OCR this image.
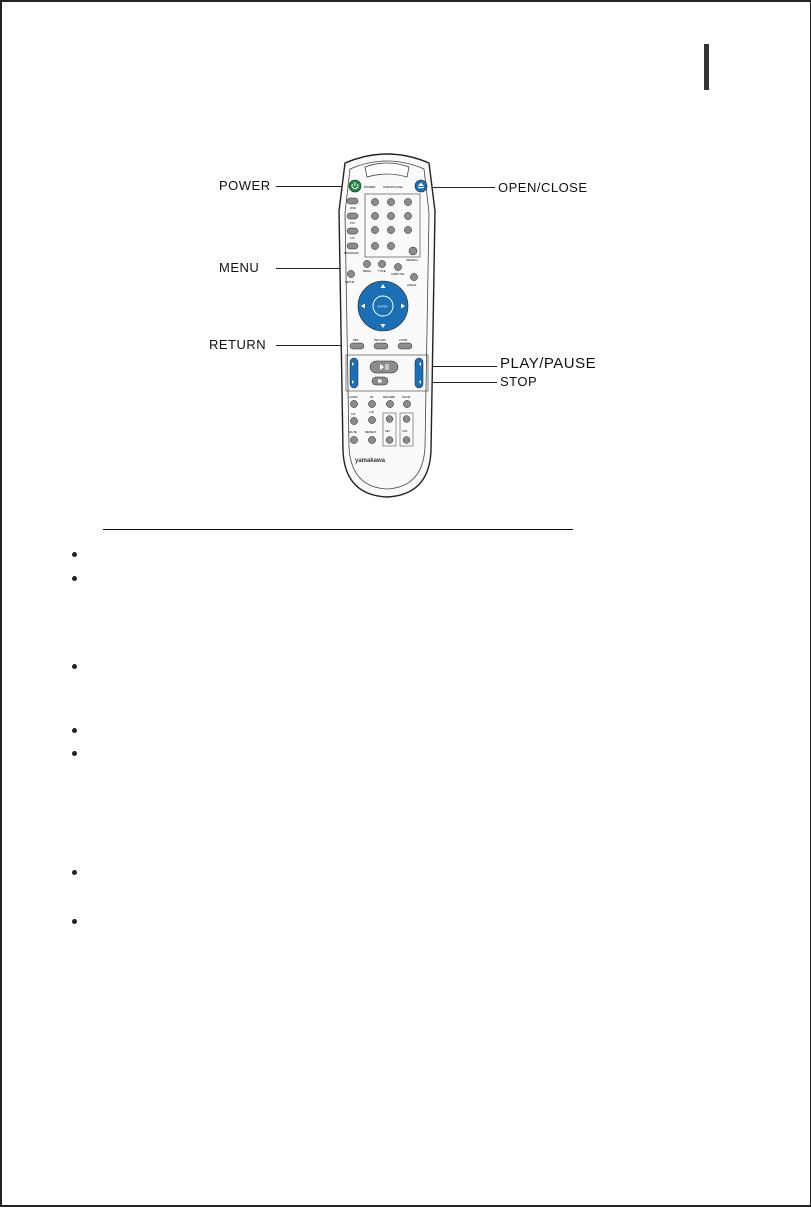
POWER	OPEN/CLOSE
MENU
RETURN
PLAY/PAUSE
STOP
POWER	OPEN/CLOSE
OSD
P/N
F/N
PROGRAM
SEARCH
MENU TITLE
SUBTITLE
SETUP
ANGLE
ENTER
PBC	RETURN	ZOOM
AUDIO	3D	RESUME	SLOW
L/R	A-B
MUTE	REPEAT	KEY	VOL
yamakawa
